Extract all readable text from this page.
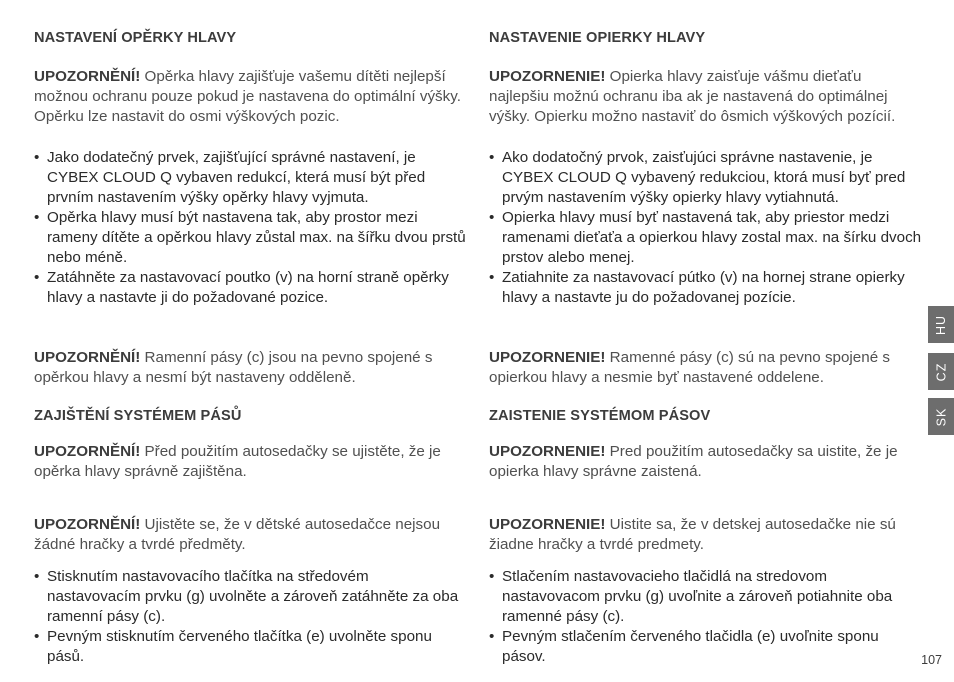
NASTAVENÍ OPĚRKY HLAVY
UPOZORNĚNÍ! Opěrka hlavy zajišťuje vašemu dítěti nejlepší možnou ochranu pouze pokud je nastavena do optimální výšky. Opěrku lze nastavit do osmi výškových pozic.
• Jako dodatečný prvek, zajišťující správné nastavení, je CYBEX CLOUD Q vybaven redukcí, která musí být před prvním nastavením výšky opěrky hlavy vyjmuta.
• Opěrka hlavy musí být nastavena tak, aby prostor mezi rameny dítěte a opěrkou hlavy zůstal max. na šířku dvou prstů nebo méně.
• Zatáhněte za nastavovací poutko (v) na horní straně opěrky hlavy a nastavte ji do požadované pozice.
UPOZORNĚNÍ! Ramenní pásy (c) jsou na pevno spojené s opěrkou hlavy a nesmí být nastaveny odděleně.
ZAJIŠTĚNÍ SYSTÉMEM PÁSŮ
UPOZORNĚNÍ! Před použitím autosedačky se ujistěte, že je opěrka hlavy správně zajištěna.
UPOZORNĚNÍ! Ujistěte se, že v dětské autosedačce nejsou žádné hračky a tvrdé předměty.
• Stisknutím nastavovacího tlačítka na středovém nastavovacím prvku (g) uvolněte a zároveň zatáhněte za oba ramenní pásy (c).
• Pevným stisknutím červeného tlačítka (e) uvolněte sponu pásů.
NASTAVENIE OPIERKY HLAVY
UPOZORNENIE! Opierka hlavy zaisťuje vášmu dieťaťu najlepšiu možnú ochranu iba ak je nastavená do optimálnej výšky. Opierku možno nastaviť do ôsmich výškových pozícií.
• Ako dodatočný prvok, zaisťujúci správne nastavenie, je CYBEX CLOUD Q vybavený redukciou, ktorá musí byť pred prvým nastavením výšky opierky hlavy vytiahnutá.
• Opierka hlavy musí byť nastavená tak, aby priestor medzi ramenami dieťaťa a opierkou hlavy zostal max. na šírku dvoch prstov alebo menej.
• Zatiahnite za nastavovací pútko (v) na hornej strane opierky hlavy a nastavte ju do požadovanej pozície.
UPOZORNENIE! Ramenné pásy (c) sú na pevno spojené s opierkou hlavy a nesmie byť nastavené oddelene.
ZAISTENIE SYSTÉMOM PÁSOV
UPOZORNENIE! Pred použitím autosedačky sa uistite, že je opierka hlavy správne zaistená.
UPOZORNENIE! Uistite sa, že v detskej autosedačke nie sú žiadne hračky a tvrdé predmety.
• Stlačením nastavovacieho tlačidlá na stredovom nastavovacom prvku (g) uvoľnite a zároveň potiahnite oba ramenné pásy (c).
• Pevným stlačením červeného tlačidla (e) uvoľnite sponu pásov.
HU
CZ
SK
107
